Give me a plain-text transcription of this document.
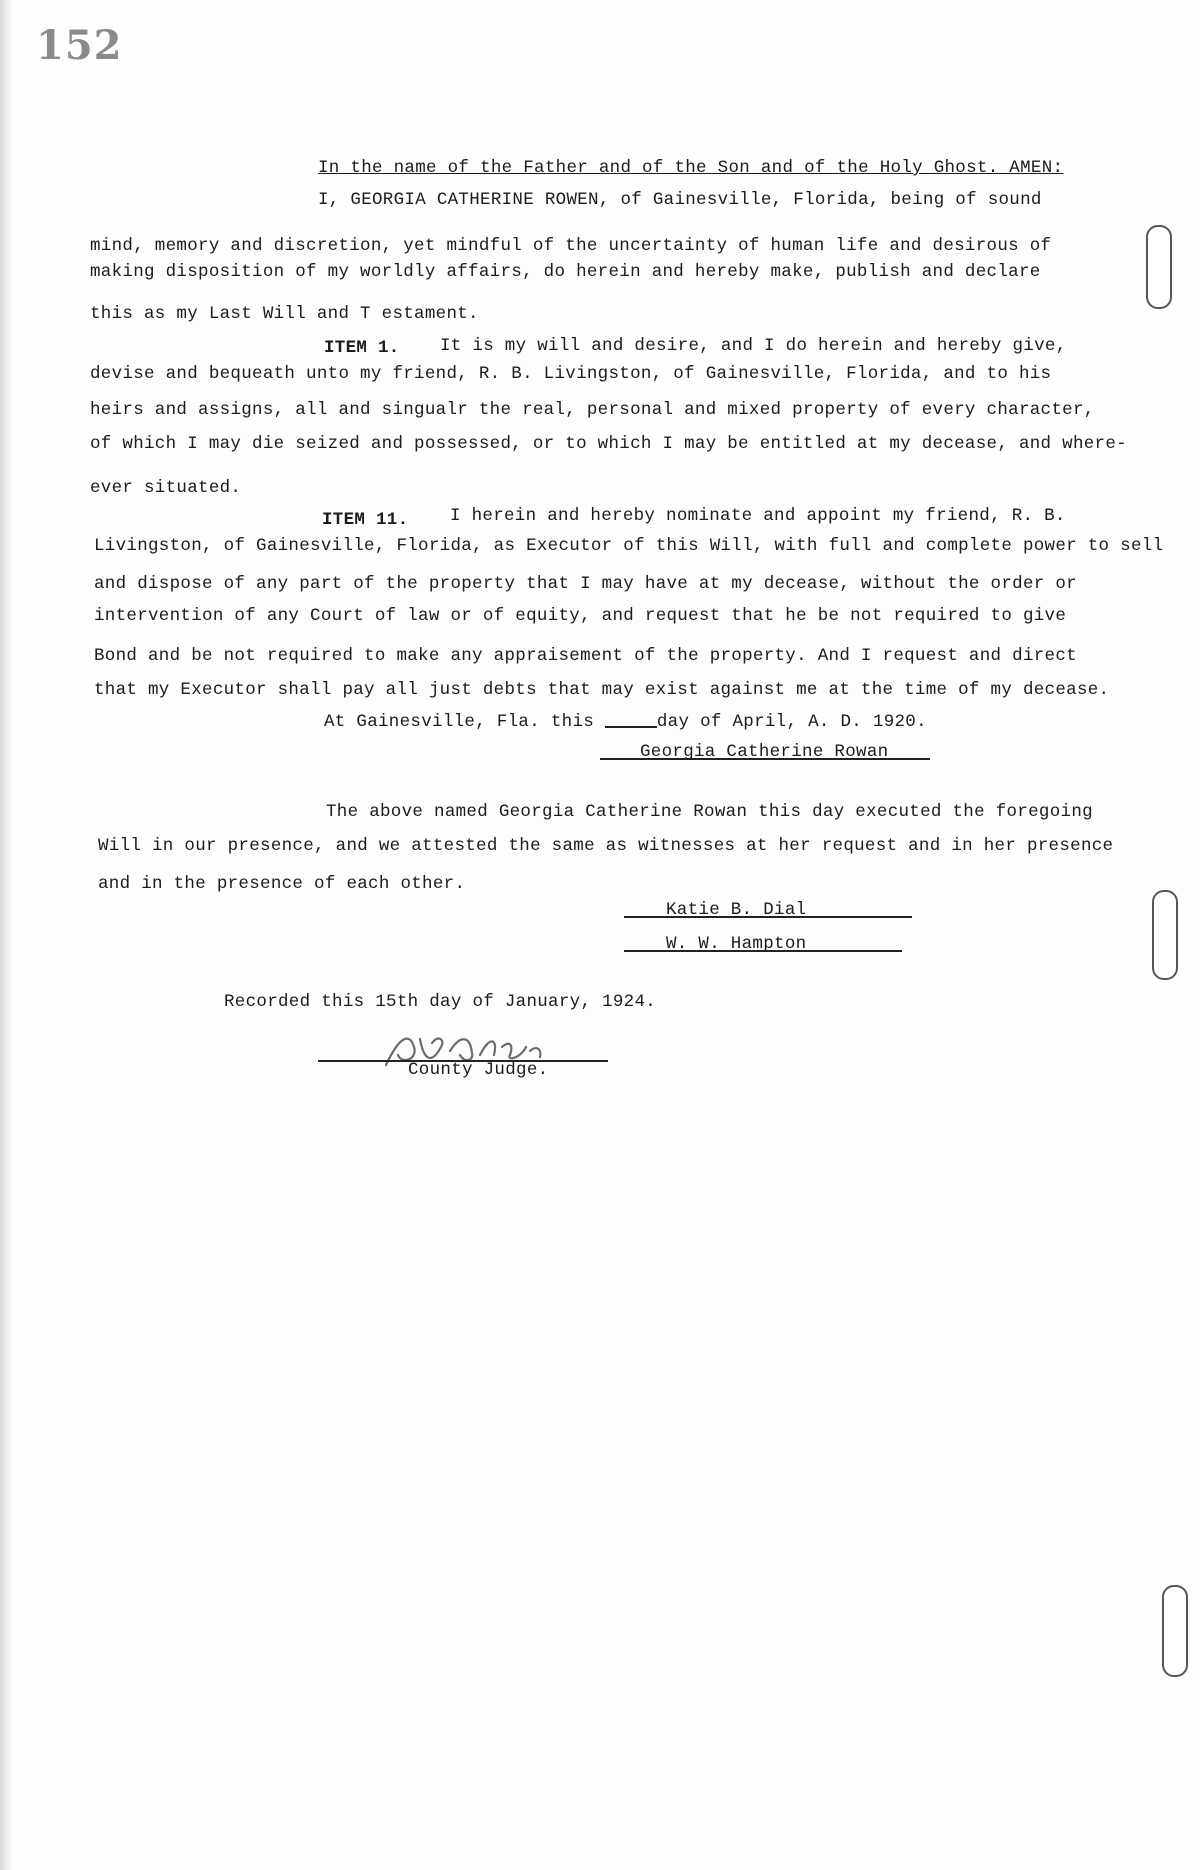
152
In the name of the Father and of the Son and of the Holy Ghost. AMEN:
I, GEORGIA CATHERINE ROWEN, of Gainesville, Florida, being of sound
mind, memory and discretion, yet mindful of the uncertainty of human life and desirous of
making disposition of my worldly affairs, do herein and hereby make, publish and declare
this as my Last Will and T estament.
ITEM 1. It is my will and desire, and I do herein and hereby give,
devise and bequeath unto my friend, R. B. Livingston, of Gainesville, Florida, and to his
heirs and assigns, all and singualr the real, personal and mixed property of every character,
of which I may die seized and possessed, or to which I may be entitled at my decease, and where-
ever situated.
ITEM 11. I herein and hereby nominate and appoint my friend, R. B.
Livingston, of Gainesville, Florida, as Executor of this Will, with full and complete power to sell
and dispose of any part of the property that I may have at my decease, without the order or
intervention of any Court of law or of equity, and request that he be not required to give
Bond and be not required to make any appraisement of the property. And I request and direct
that my Executor shall pay all just debts that may exist against me at the time of my decease.
At Gainesville, Fla. this	day of April, A. D. 1920.
Georgia Catherine Rowan
The above named Georgia Catherine Rowan this day executed the foregoing
Will in our presence, and we attested the same as witnesses at her request and in her presence
and in the presence of each other.
Katie B. Dial
W. W. Hampton
Recorded this 15th day of January, 1924.
County Judge.
